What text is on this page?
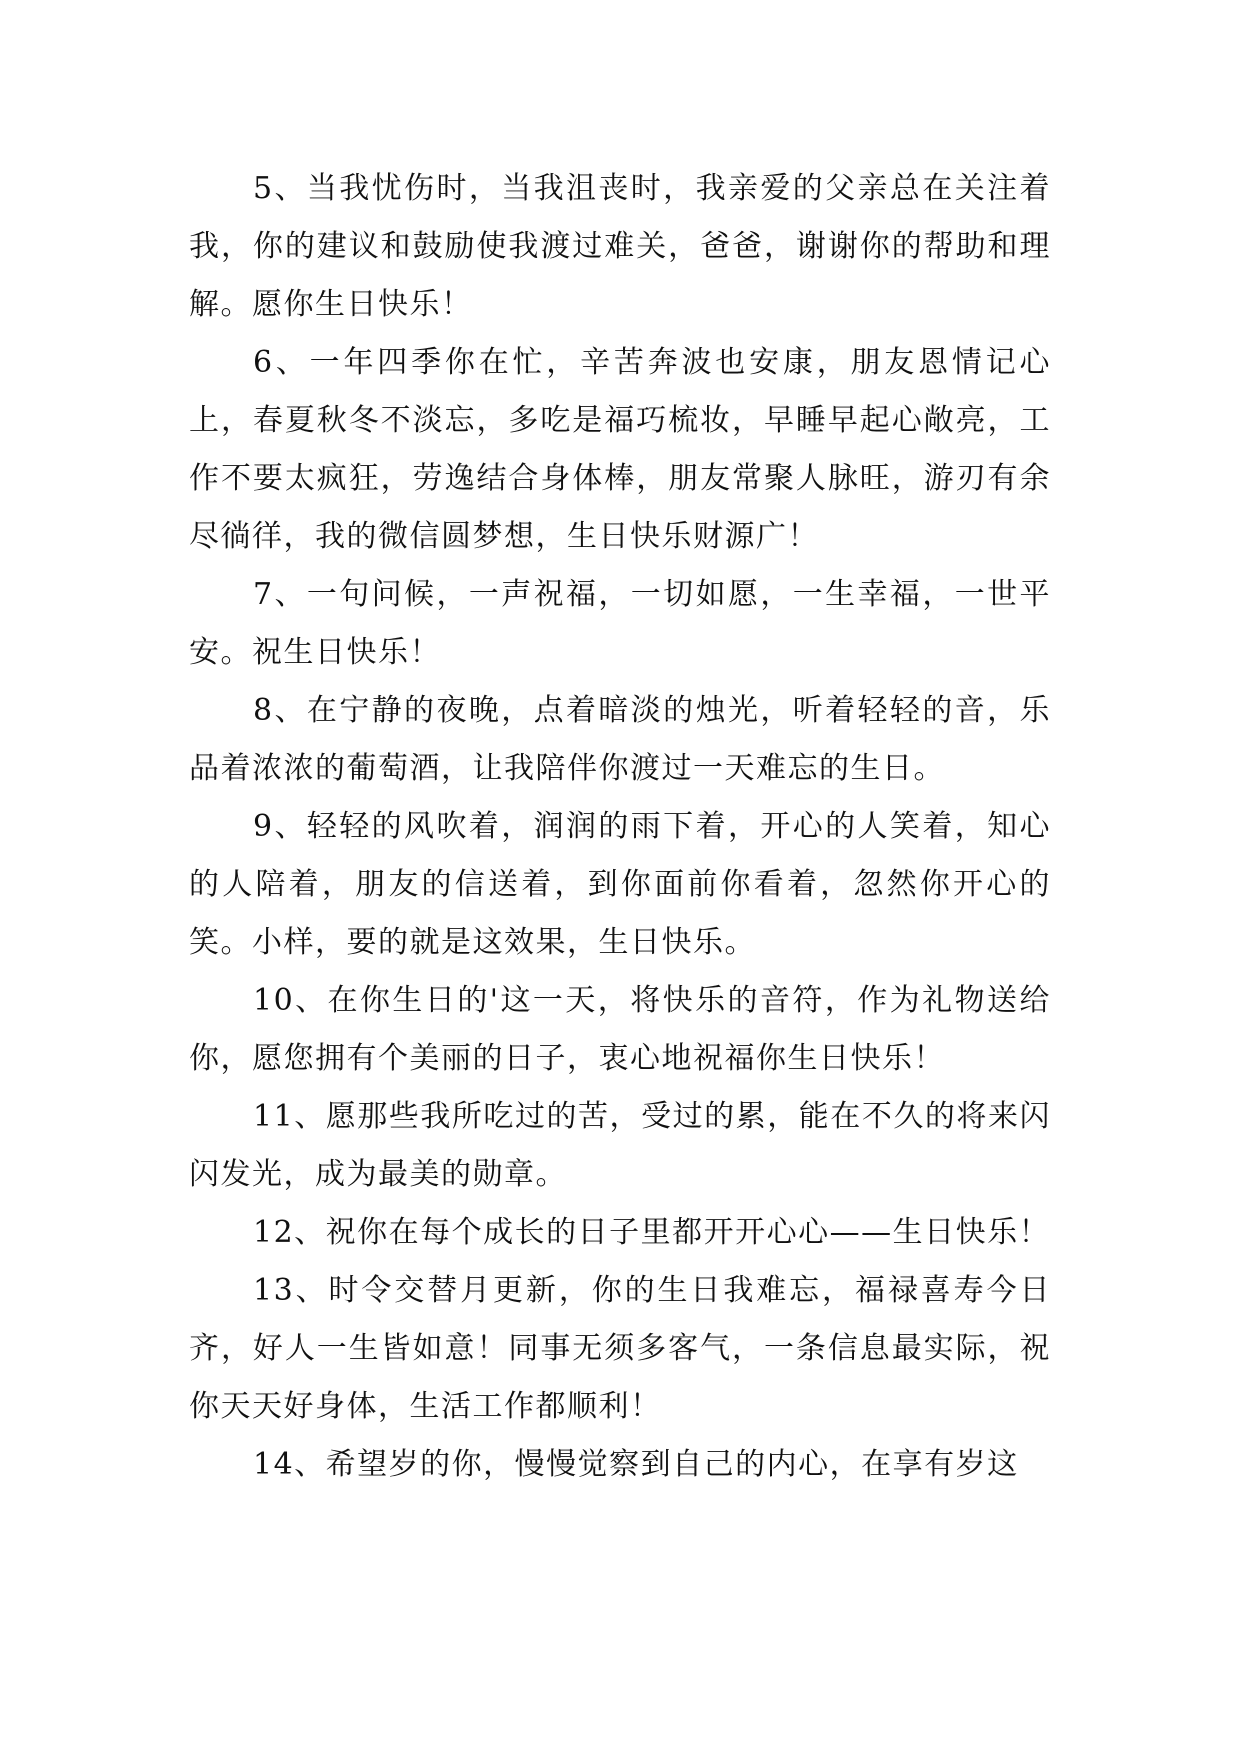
5、当我忧伤时，当我沮丧时，我亲爱的父亲总在关注着我，你的建议和鼓励使我渡过难关，爸爸，谢谢你的帮助和理解。愿你生日快乐！

6、一年四季你在忙，辛苦奔波也安康，朋友恩情记心上，春夏秋冬不淡忘，多吃是福巧梳妆，早睡早起心敞亮，工作不要太疯狂，劳逸结合身体棒，朋友常聚人脉旺，游刃有余尽徜徉，我的微信圆梦想，生日快乐财源广！

7、一句问候，一声祝福，一切如愿，一生幸福，一世平安。祝生日快乐！

8、在宁静的夜晚，点着暗淡的烛光，听着轻轻的音，乐品着浓浓的葡萄酒，让我陪伴你渡过一天难忘的生日。

9、轻轻的风吹着，润润的雨下着，开心的人笑着，知心的人陪着，朋友的信送着，到你面前你看着，忽然你开心的笑。小样，要的就是这效果，生日快乐。

10、在你生日的'这一天，将快乐的音符，作为礼物送给你，愿您拥有个美丽的日子，衷心地祝福你生日快乐！

11、愿那些我所吃过的苦，受过的累，能在不久的将来闪闪发光，成为最美的勋章。

12、祝你在每个成长的日子里都开开心心——生日快乐！

13、时令交替月更新，你的生日我难忘，福禄喜寿今日齐，好人一生皆如意！同事无须多客气，一条信息最实际，祝你天天好身体，生活工作都顺利！

14、希望岁的你，慢慢觉察到自己的内心，在享有岁这
